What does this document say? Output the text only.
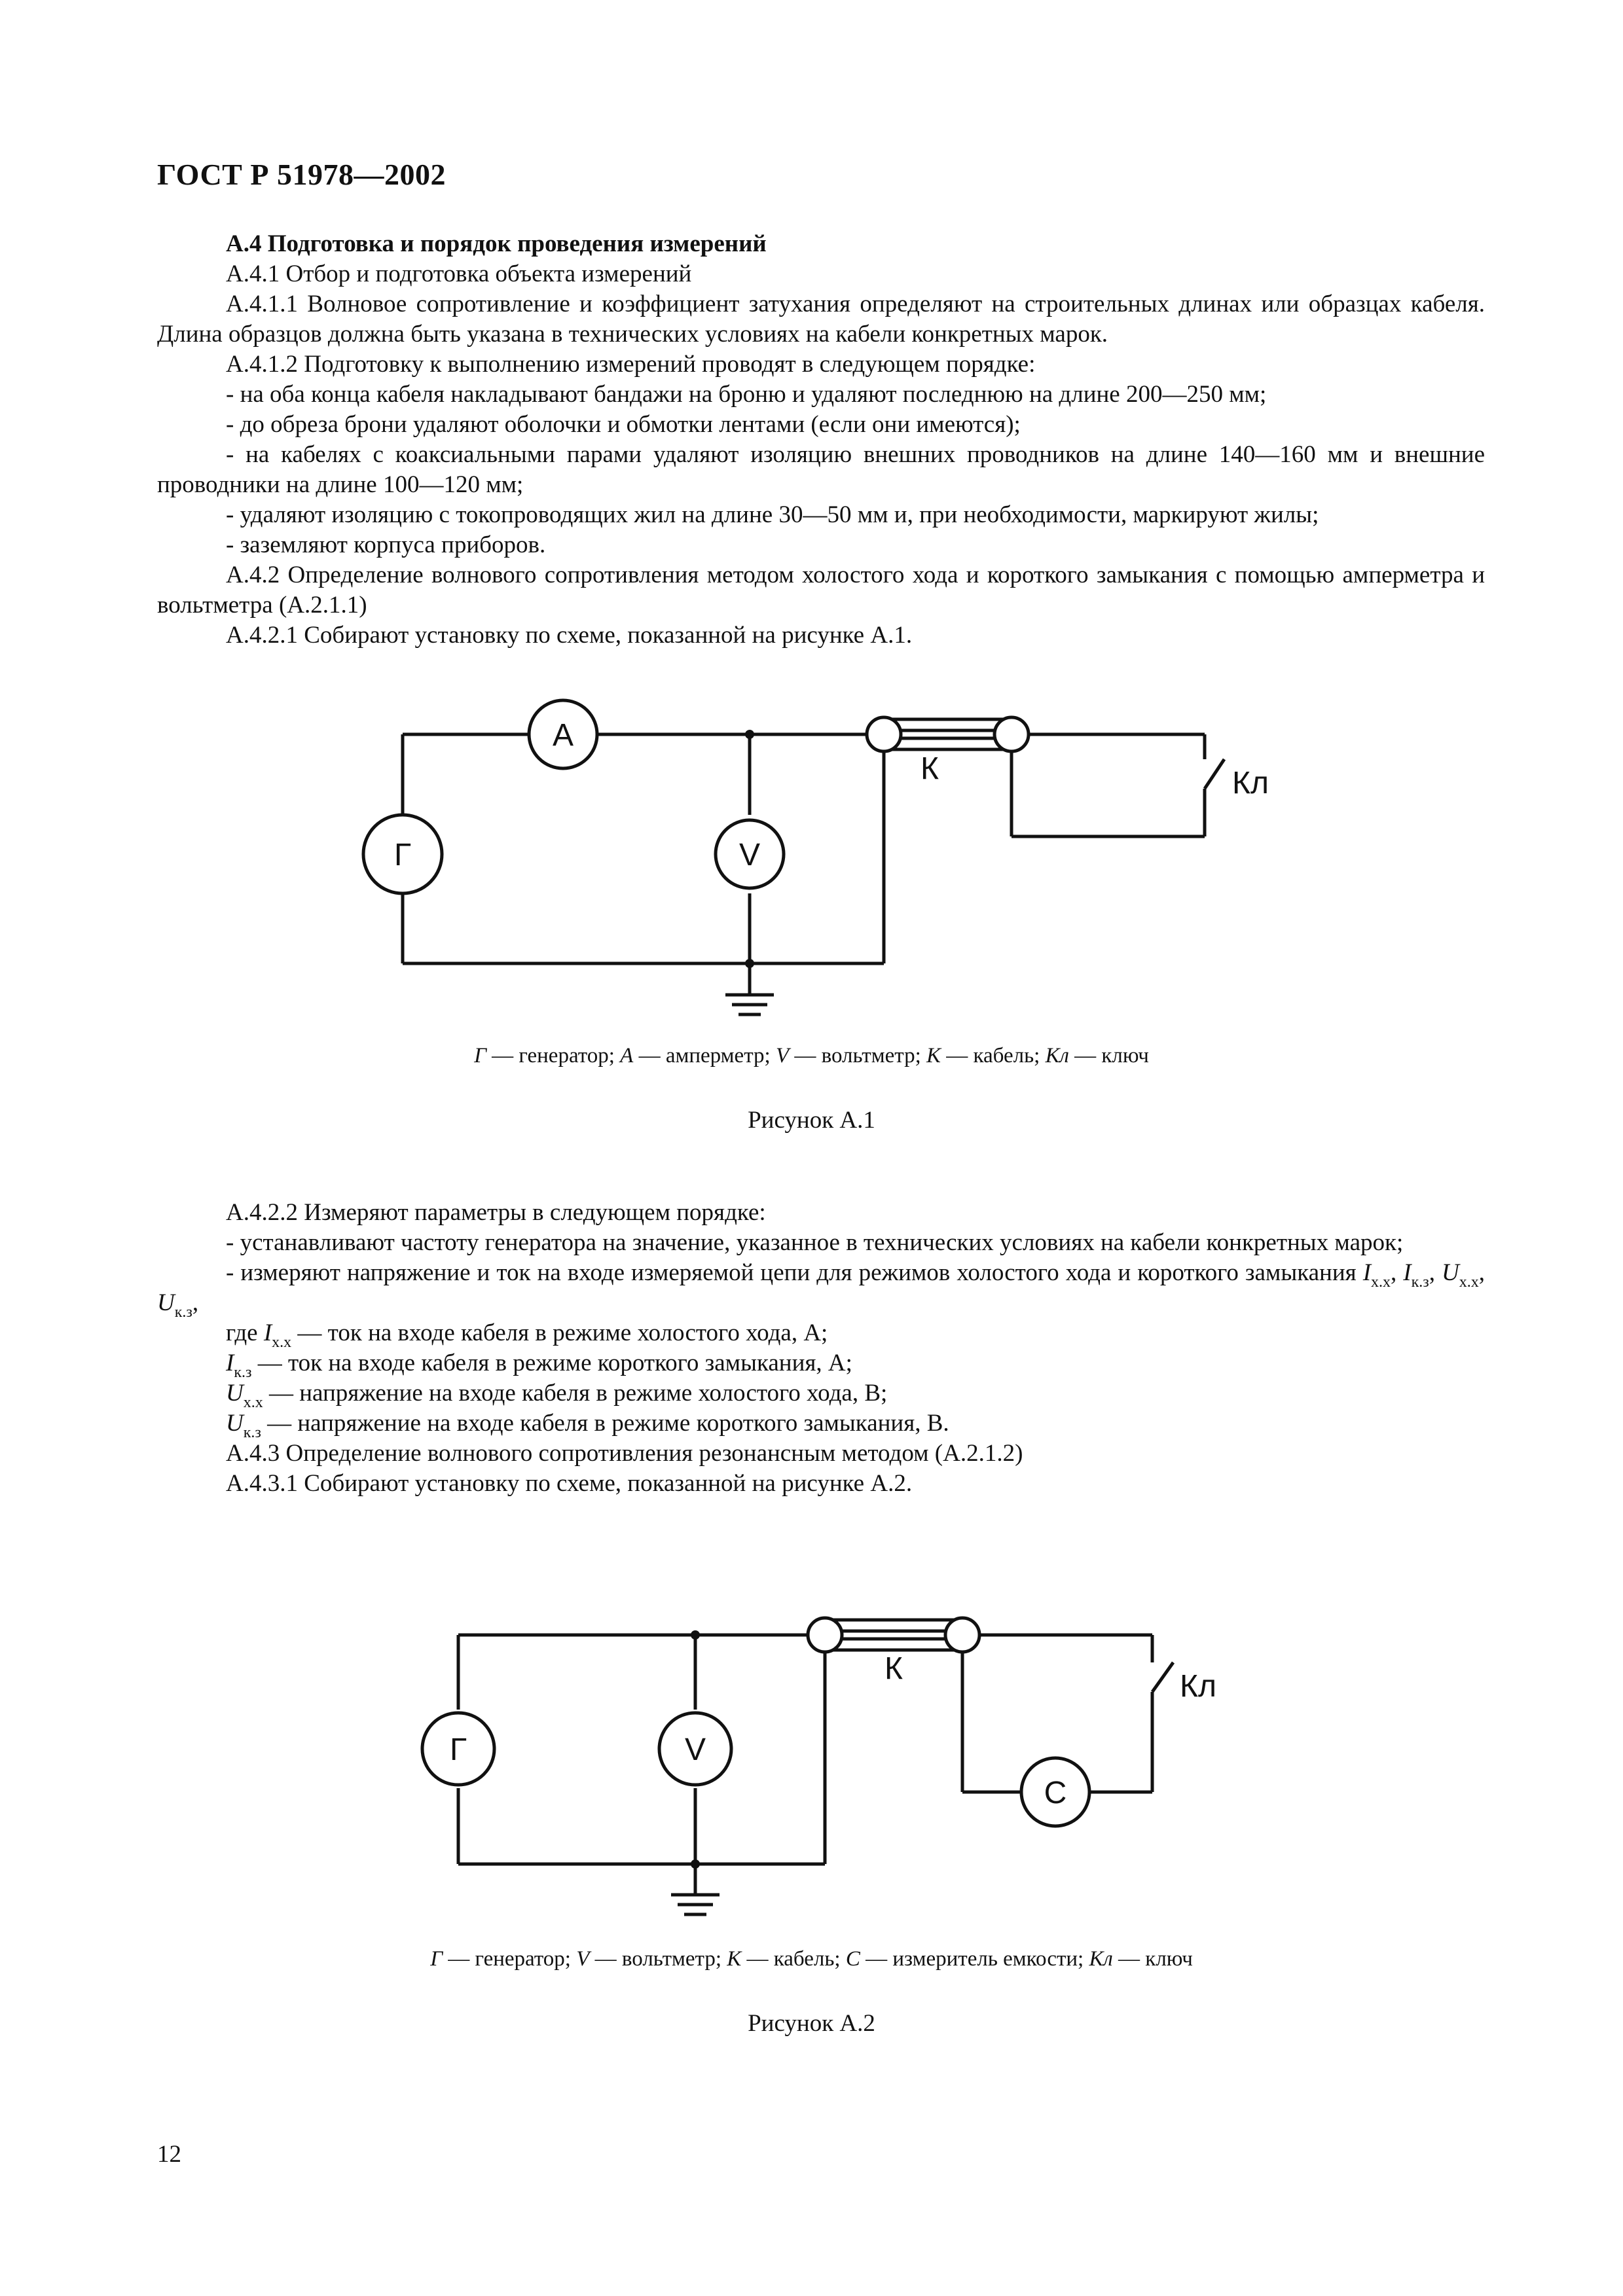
ГОСТ Р 51978—2002

А.4 Подготовка и порядок проведения измерений

А.4.1 Отбор и подготовка объекта измерений

А.4.1.1 Волновое сопротивление и коэффициент затухания определяют на строительных длинах или образцах кабеля. Длина образцов должна быть указана в технических условиях на кабели конкретных марок.

А.4.1.2 Подготовку к выполнению измерений проводят в следующем порядке:

- на оба конца кабеля накладывают бандажи на броню и удаляют последнюю на длине 200—250 мм;

- до обреза брони удаляют оболочки и обмотки лентами (если они имеются);

- на кабелях с коаксиальными парами удаляют изоляцию внешних проводников на длине 140—160 мм и внешние проводники на длине 100—120 мм;

- удаляют изоляцию с токопроводящих жил на длине 30—50 мм и, при необходимости, маркируют жилы;

- заземляют корпуса приборов.

А.4.2 Определение волнового сопротивления методом холостого хода и короткого замыкания с помощью амперметра и вольтметра (А.2.1.1)

А.4.2.1 Собирают установку по схеме, показанной на рисунке А.1.

A
Г	V
К	Кл
Г — генератор; А — амперметр; V — вольтметр; К — кабель; Кл — ключ
Рисунок А.1

А.4.2.2 Измеряют параметры в следующем порядке:

- устанавливают частоту генератора на значение, указанное в технических условиях на кабели конкретных марок;

- измеряют напряжение и ток на входе измеряемой цепи для режимов холостого хода и короткого замыкания $I_{х.х}$, $I_{к.з}$, $U_{х.х}$, $U_{к.з}$,

где $I_{х.х}$ — ток на входе кабеля в режиме холостого хода, А;

$I_{к.з}$ — ток на входе кабеля в режиме короткого замыкания, А;

$U_{х.х}$ — напряжение на входе кабеля в режиме холостого хода, В;

$U_{к.з}$ — напряжение на входе кабеля в режиме короткого замыкания, В.

А.4.3 Определение волнового сопротивления резонансным методом (А.2.1.2)

А.4.3.1 Собирают установку по схеме, показанной на рисунке А.2.

Г	V
К
Кл
С
Г — генератор; V — вольтметр; К — кабель; С — измеритель емкости; Кл — ключ
Рисунок А.2
12
